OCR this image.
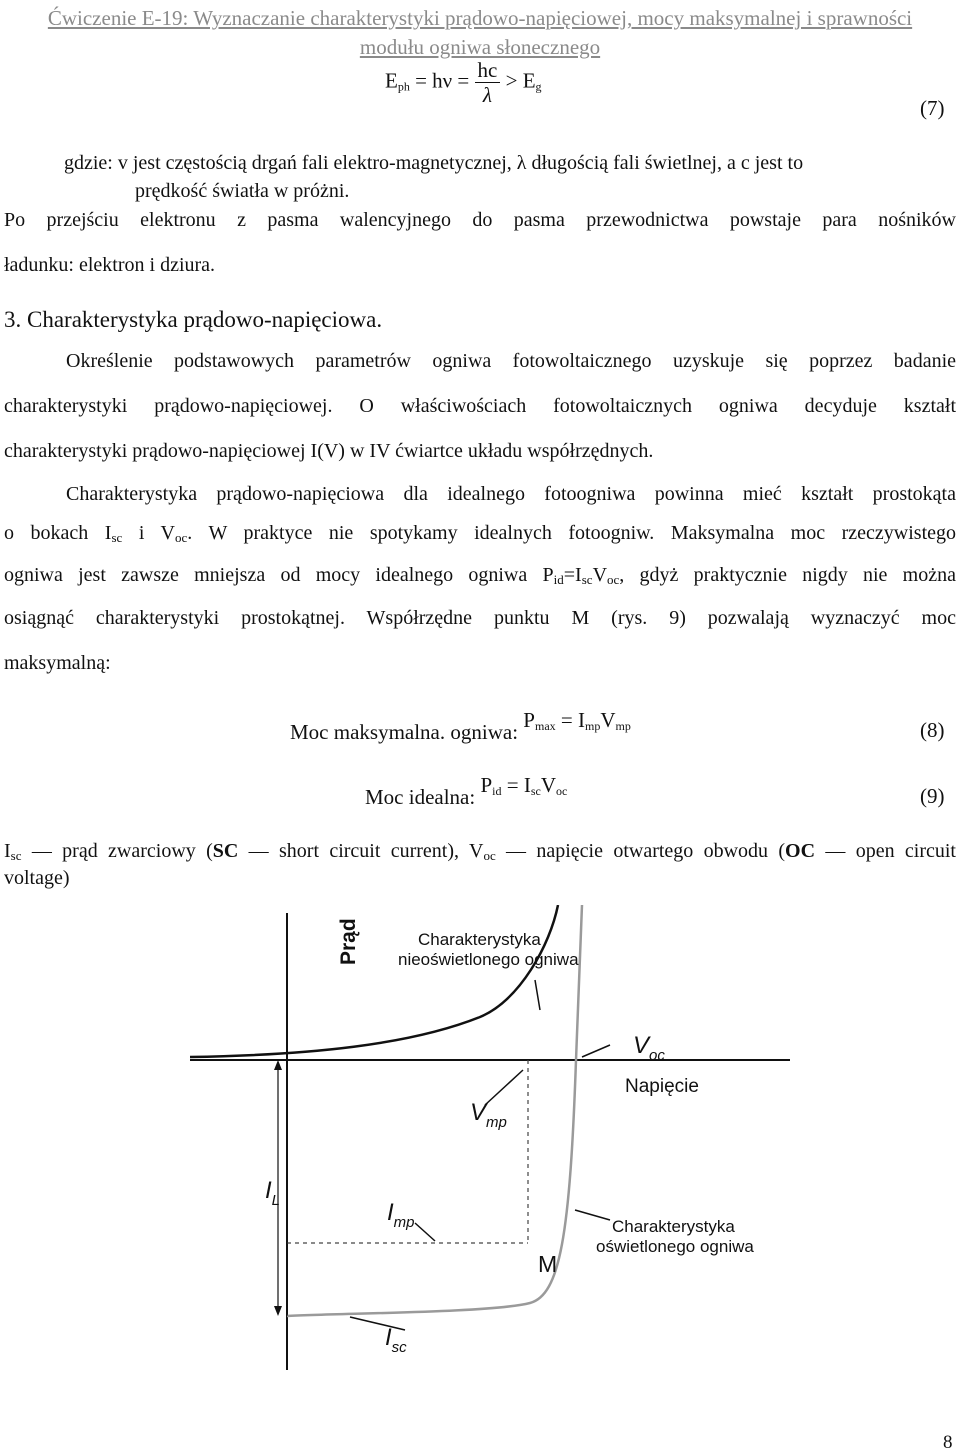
Ćwiczenie E-19: Wyznaczanie charakterystyki prądowo-napięciowej, mocy maksymalnej i sprawności
modułu ogniwa słonecznego
$E_{ph} = h\nu = \frac{hc}{\lambda} > E_g$
(7)
gdzie: v jest częstością drgań fali elektro-magnetycznej, λ długością fali świetlnej, a c jest to
prędkość światła w próżni.
Po przejściu elektronu z pasma walencyjnego do pasma przewodnictwa powstaje para nośników
ładunku: elektron i dziura.
3. Charakterystyka prądowo-napięciowa.
Określenie podstawowych parametrów ogniwa fotowoltaicznego uzyskuje się poprzez badanie
charakterystyki prądowo-napięciowej. O właściwościach fotowoltaicznych ogniwa decyduje kształt
charakterystyki prądowo-napięciowej I(V) w IV ćwiartce układu współrzędnych.
Charakterystyka prądowo-napięciowa dla idealnego fotoogniwa powinna mieć kształt prostokąta
o bokach $I_{sc}$ i $V_{oc}$. W praktyce nie spotykamy idealnych fotoogniw. Maksymalna moc rzeczywistego
ogniwa jest zawsze mniejsza od mocy idealnego ogniwa $P_{id}=I_{sc}V_{oc}$, gdyż praktycznie nigdy nie można
osiągnąć charakterystyki prostokątnej. Współrzędne punktu M (rys. 9) pozwalają wyznaczyć moc
maksymalną:
Moc maksymalna. ogniwa: $P_{max} = I_{mp}V_{mp}$	(8)
Moc idealna: $P_{id} = I_{sc}V_{oc}$	(9)
$I_{sc}$ — prąd zwarciowy (SC — short circuit current), $V_{oc}$ — napięcie otwartego obwodu (OC — open circuit
voltage)
Prąd
Napięcie
Charakterystyka
nieoświetlonego ogniwa
Charakterystyka
oświetlonego ogniwa
$V_{oc}$
$V_{mp}$
$I_L$	$I_{mp}$
$I_{sc}$
M
8
